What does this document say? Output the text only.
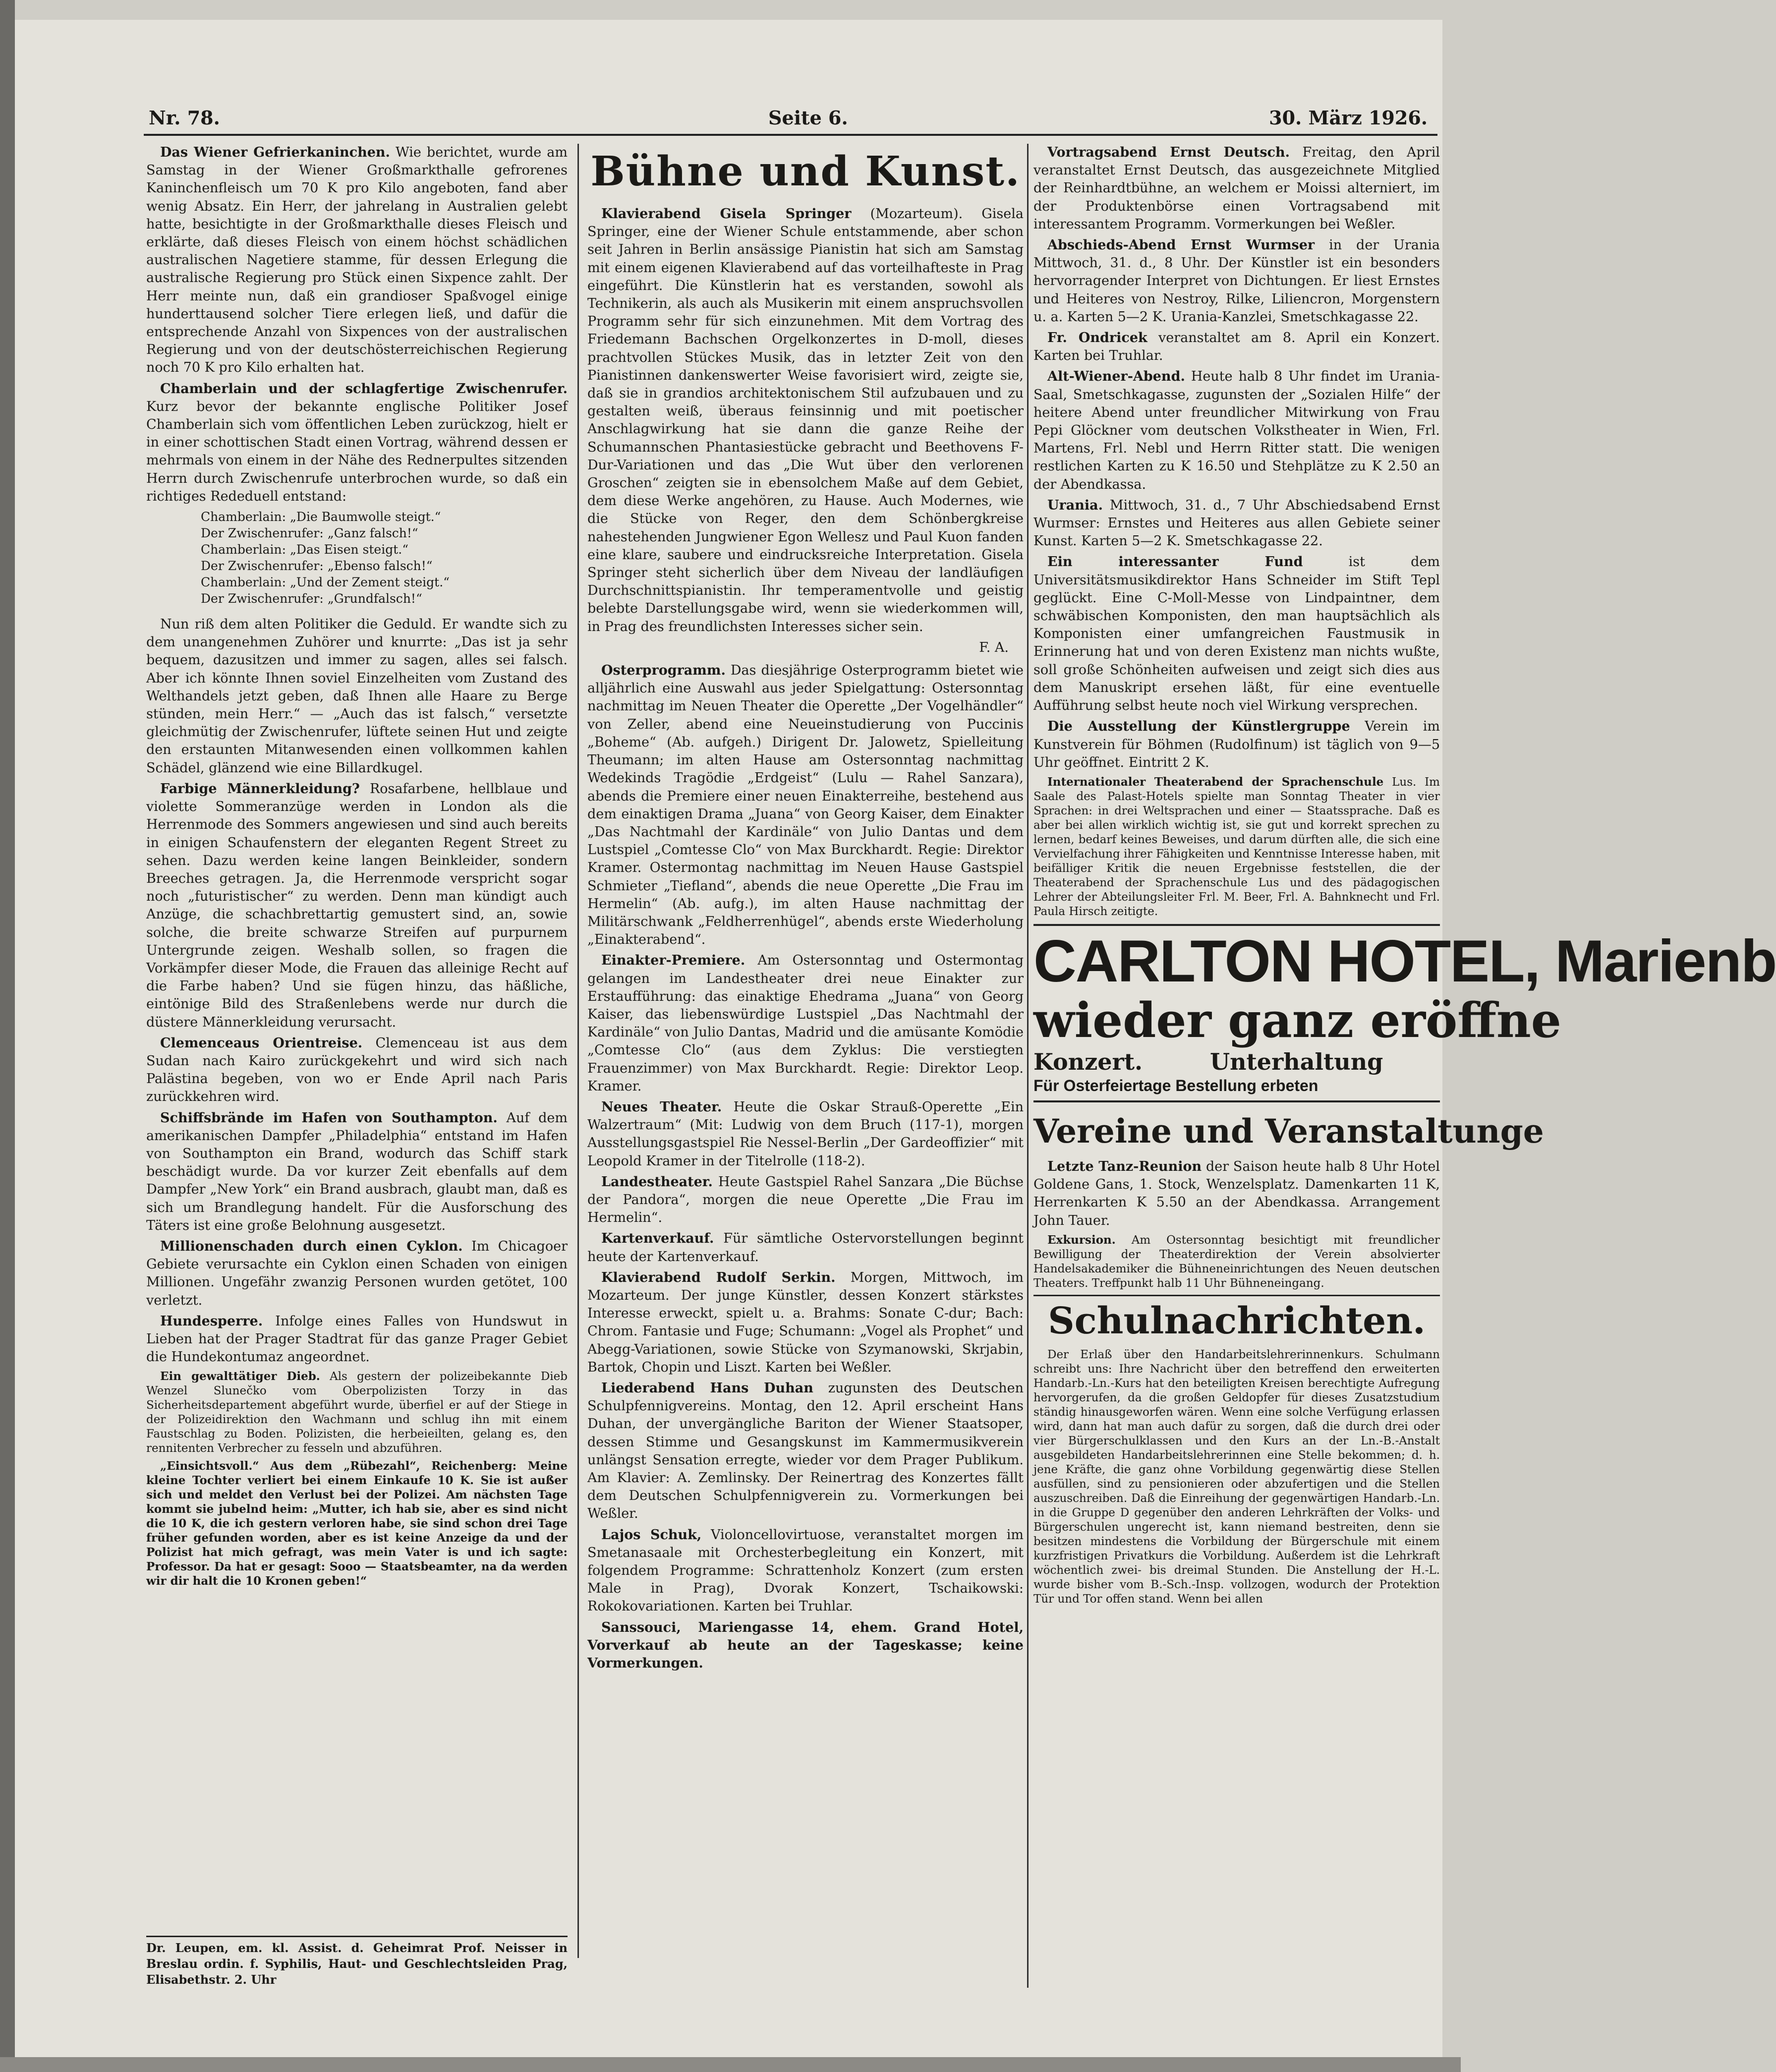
Nr. 78.	Seite 6.	30. März 1926.

Das Wiener Gefrierkaninchen. Wie berichtet, wurde am Samstag in der Wiener Großmarkthalle gefrorenes Kaninchenfleisch um 70 K pro Kilo angeboten, fand aber wenig Absatz. Ein Herr, der jahrelang in Australien gelebt hatte, besichtigte in der Großmarkthalle dieses Fleisch und erklärte, daß dieses Fleisch von einem höchst schädlichen australischen Nagetiere stamme, für dessen Erlegung die australische Regierung pro Stück einen Sixpence zahlt. Der Herr meinte nun, daß ein grandioser Spaßvogel einige hunderttausend solcher Tiere erlegen ließ, und dafür die entsprechende Anzahl von Sixpences von der australischen Regierung und von der deutschösterreichischen Regierung noch 70 K pro Kilo erhalten hat.

Chamberlain und der schlagfertige Zwischenrufer. Kurz bevor der bekannte englische Politiker Josef Chamberlain sich vom öffentlichen Leben zurückzog, hielt er in einer schottischen Stadt einen Vortrag, während dessen er mehrmals von einem in der Nähe des Rednerpultes sitzenden Herrn durch Zwischenrufe unterbrochen wurde, so daß ein richtiges Rededuell entstand:

Chamberlain: „Die Baumwolle steigt.“

Der Zwischenrufer: „Ganz falsch!“

Chamberlain: „Das Eisen steigt.“

Der Zwischenrufer: „Ebenso falsch!“

Chamberlain: „Und der Zement steigt.“

Der Zwischenrufer: „Grundfalsch!“

Nun riß dem alten Politiker die Geduld. Er wandte sich zu dem unangenehmen Zuhörer und knurrte: „Das ist ja sehr bequem, dazusitzen und immer zu sagen, alles sei falsch. Aber ich könnte Ihnen soviel Einzelheiten vom Zustand des Welthandels jetzt geben, daß Ihnen alle Haare zu Berge stünden, mein Herr.“ — „Auch das ist falsch,“ versetzte gleichmütig der Zwischenrufer, lüftete seinen Hut und zeigte den erstaunten Mitanwesenden einen vollkommen kahlen Schädel, glänzend wie eine Billardkugel.

Farbige Männerkleidung? Rosafarbene, hellblaue und violette Sommeranzüge werden in London als die Herrenmode des Sommers angewiesen und sind auch bereits in einigen Schaufenstern der eleganten Regent Street zu sehen. Dazu werden keine langen Beinkleider, sondern Breeches getragen. Ja, die Herrenmode verspricht sogar noch „futuristischer“ zu werden. Denn man kündigt auch Anzüge, die schachbrettartig gemustert sind, an, sowie solche, die breite schwarze Streifen auf purpurnem Untergrunde zeigen. Weshalb sollen, so fragen die Vorkämpfer dieser Mode, die Frauen das alleinige Recht auf die Farbe haben? Und sie fügen hinzu, das häßliche, eintönige Bild des Straßenlebens werde nur durch die düstere Männerkleidung verursacht.

Clemenceaus Orientreise. Clemenceau ist aus dem Sudan nach Kairo zurückgekehrt und wird sich nach Palästina begeben, von wo er Ende April nach Paris zurückkehren wird.

Schiffsbrände im Hafen von Southampton. Auf dem amerikanischen Dampfer „Philadelphia“ entstand im Hafen von Southampton ein Brand, wodurch das Schiff stark beschädigt wurde. Da vor kurzer Zeit ebenfalls auf dem Dampfer „New York“ ein Brand ausbrach, glaubt man, daß es sich um Brandlegung handelt. Für die Ausforschung des Täters ist eine große Belohnung ausgesetzt.

Millionenschaden durch einen Cyklon. Im Chicagoer Gebiete verursachte ein Cyklon einen Schaden von einigen Millionen. Ungefähr zwanzig Personen wurden getötet, 100 verletzt.

Hundesperre. Infolge eines Falles von Hundswut in Lieben hat der Prager Stadtrat für das ganze Prager Gebiet die Hundekontumaz angeordnet.

Ein gewalttätiger Dieb. Als gestern der polizeibekannte Dieb Wenzel Slunečko vom Oberpolizisten Torzy in das Sicherheitsdepartement abgeführt wurde, überfiel er auf der Stiege in der Polizeidirektion den Wachmann und schlug ihn mit einem Faustschlag zu Boden. Polizisten, die herbeieilten, gelang es, den rennitenten Verbrecher zu fesseln und abzuführen.

„Einsichtsvoll.“ Aus dem „Rübezahl“, Reichenberg: Meine kleine Tochter verliert bei einem Einkaufe 10 K. Sie ist außer sich und meldet den Verlust bei der Polizei. Am nächsten Tage kommt sie jubelnd heim: „Mutter, ich hab sie, aber es sind nicht die 10 K, die ich gestern verloren habe, sie sind schon drei Tage früher gefunden worden, aber es ist keine Anzeige da und der Polizist hat mich gefragt, was mein Vater is und ich sagte: Professor. Da hat er gesagt: Sooo — Staatsbeamter, na da werden wir dir halt die 10 Kronen geben!“

Dr. Leupen, em. kl. Assist. d. Geheimrat Prof. Neisser in Breslau ordin. f. Syphilis, Haut- und Geschlechtsleiden Prag, Elisabethstr. 2. Uhr
Bühne und Kunst.

Klavierabend Gisela Springer (Mozarteum). Gisela Springer, eine der Wiener Schule entstammende, aber schon seit Jahren in Berlin ansässige Pianistin hat sich am Samstag mit einem eigenen Klavierabend auf das vorteilhafteste in Prag eingeführt. Die Künstlerin hat es verstanden, sowohl als Technikerin, als auch als Musikerin mit einem anspruchsvollen Programm sehr für sich einzunehmen. Mit dem Vortrag des Friedemann Bachschen Orgelkonzertes in D-moll, dieses prachtvollen Stückes Musik, das in letzter Zeit von den Pianistinnen dankenswerter Weise favorisiert wird, zeigte sie, daß sie in grandios architektonischem Stil aufzubauen und zu gestalten weiß, überaus feinsinnig und mit poetischer Anschlagwirkung hat sie dann die ganze Reihe der Schumannschen Phantasiestücke gebracht und Beethovens F-Dur-Variationen und das „Die Wut über den verlorenen Groschen“ zeigten sie in ebensolchem Maße auf dem Gebiet, dem diese Werke angehören, zu Hause. Auch Modernes, wie die Stücke von Reger, den dem Schönbergkreise nahestehenden Jungwiener Egon Wellesz und Paul Kuon fanden eine klare, saubere und eindrucksreiche Interpretation. Gisela Springer steht sicherlich über dem Niveau der landläufigen Durchschnittspianistin. Ihr temperamentvolle und geistig belebte Darstellungsgabe wird, wenn sie wiederkommen will, in Prag des freundlichsten Interesses sicher sein.

F. A.

Osterprogramm. Das diesjährige Osterprogramm bietet wie alljährlich eine Auswahl aus jeder Spielgattung: Ostersonntag nachmittag im Neuen Theater die Operette „Der Vogelhändler“ von Zeller, abend eine Neueinstudierung von Puccinis „Boheme“ (Ab. aufgeh.) Dirigent Dr. Jalowetz, Spielleitung Theumann; im alten Hause am Ostersonntag nachmittag Wedekinds Tragödie „Erdgeist“ (Lulu — Rahel Sanzara), abends die Premiere einer neuen Einakterreihe, bestehend aus dem einaktigen Drama „Juana“ von Georg Kaiser, dem Einakter „Das Nachtmahl der Kardinäle“ von Julio Dantas und dem Lustspiel „Comtesse Clo“ von Max Burckhardt. Regie: Direktor Kramer. Ostermontag nachmittag im Neuen Hause Gastspiel Schmieter „Tiefland“, abends die neue Operette „Die Frau im Hermelin“ (Ab. aufg.), im alten Hause nachmittag der Militärschwank „Feldherrenhügel“, abends erste Wiederholung „Einakterabend“.

Einakter-Premiere. Am Ostersonntag und Ostermontag gelangen im Landestheater drei neue Einakter zur Erstaufführung: das einaktige Ehedrama „Juana“ von Georg Kaiser, das liebenswürdige Lustspiel „Das Nachtmahl der Kardinäle“ von Julio Dantas, Madrid und die amüsante Komödie „Comtesse Clo“ (aus dem Zyklus: Die verstiegten Frauenzimmer) von Max Burckhardt. Regie: Direktor Leop. Kramer.

Neues Theater. Heute die Oskar Strauß-Operette „Ein Walzertraum“ (Mit: Ludwig von dem Bruch (117-1), morgen Ausstellungsgastspiel Rie Nessel-Berlin „Der Gardeoffizier“ mit Leopold Kramer in der Titelrolle (118-2).

Landestheater. Heute Gastspiel Rahel Sanzara „Die Büchse der Pandora“, morgen die neue Operette „Die Frau im Hermelin“.

Kartenverkauf. Für sämtliche Ostervorstellungen beginnt heute der Kartenverkauf.

Klavierabend Rudolf Serkin. Morgen, Mittwoch, im Mozarteum. Der junge Künstler, dessen Konzert stärkstes Interesse erweckt, spielt u. a. Brahms: Sonate C-dur; Bach: Chrom. Fantasie und Fuge; Schumann: „Vogel als Prophet“ und Abegg-Variationen, sowie Stücke von Szymanowski, Skrjabin, Bartok, Chopin und Liszt. Karten bei Weßler.

Liederabend Hans Duhan zugunsten des Deutschen Schulpfennigvereins. Montag, den 12. April erscheint Hans Duhan, der unvergängliche Bariton der Wiener Staatsoper, dessen Stimme und Gesangskunst im Kammermusikverein unlängst Sensation erregte, wieder vor dem Prager Publikum. Am Klavier: A. Zemlinsky. Der Reinertrag des Konzertes fällt dem Deutschen Schulpfennigverein zu. Vormerkungen bei Weßler.

Lajos Schuk, Violoncellovirtuose, veranstaltet morgen im Smetanasaale mit Orchesterbegleitung ein Konzert, mit folgendem Programme: Schrattenholz Konzert (zum ersten Male in Prag), Dvorak Konzert, Tschaikowski: Rokokovariationen. Karten bei Truhlar.

Sanssouci, Mariengasse 14, ehem. Grand Hotel, Vorverkauf ab heute an der Tageskasse; keine Vormerkungen.

Vortragsabend Ernst Deutsch. Freitag, den April veranstaltet Ernst Deutsch, das ausgezeichnete Mitglied der Reinhardtbühne, an welchem er Moissi alterniert, im der Produktenbörse einen Vortragsabend mit interessantem Programm. Vormerkungen bei Weßler.

Abschieds-Abend Ernst Wurmser in der Urania Mittwoch, 31. d., 8 Uhr. Der Künstler ist ein besonders hervorragender Interpret von Dichtungen. Er liest Ernstes und Heiteres von Nestroy, Rilke, Liliencron, Morgenstern u. a. Karten 5—2 K. Urania-Kanzlei, Smetschkagasse 22.

Fr. Ondricek veranstaltet am 8. April ein Konzert. Karten bei Truhlar.

Alt-Wiener-Abend. Heute halb 8 Uhr findet im Urania-Saal, Smetschkagasse, zugunsten der „Sozialen Hilfe“ der heitere Abend unter freundlicher Mitwirkung von Frau Pepi Glöckner vom deutschen Volkstheater in Wien, Frl. Martens, Frl. Nebl und Herrn Ritter statt. Die wenigen restlichen Karten zu K 16.50 und Stehplätze zu K 2.50 an der Abendkassa.

Urania. Mittwoch, 31. d., 7 Uhr Abschiedsabend Ernst Wurmser: Ernstes und Heiteres aus allen Gebiete seiner Kunst. Karten 5—2 K. Smetschkagasse 22.

Ein interessanter Fund	ist dem Universitätsmusikdirektor Hans Schneider im Stift Tepl geglückt. Eine C-Moll-Messe von Lindpaintner, dem schwäbischen Komponisten, den man hauptsächlich als Komponisten einer umfangreichen Faustmusik in Erinnerung hat und von deren Existenz man nichts wußte, soll große Schönheiten aufweisen und zeigt sich dies aus dem Manuskript ersehen läßt, für eine eventuelle Aufführung selbst heute noch viel Wirkung versprechen.

Die Ausstellung der Künstlergruppe Verein im Kunstverein für Böhmen (Rudolfinum) ist täglich von 9—5 Uhr geöffnet. Eintritt 2 K.

Internationaler Theaterabend der Sprachenschule Lus. Im Saale des Palast-Hotels spielte man Sonntag Theater in vier Sprachen: in drei Weltsprachen und einer — Staatssprache. Daß es aber bei allen wirklich wichtig ist, sie gut und korrekt sprechen zu lernen, bedarf keines Beweises, und darum dürften alle, die sich eine Vervielfachung ihrer Fähigkeiten und Kenntnisse Interesse haben, mit beifälliger Kritik die neuen Ergebnisse feststellen, die der Theaterabend der Sprachenschule Lus und des pädagogischen Lehrer der Abteilungsleiter Frl. M. Beer, Frl. A. Bahnknecht und Frl. Paula Hirsch zeitigte.

CARLTON HOTEL, Marienb
wieder ganz eröffne
Konzert.	Unterhaltung
Für Osterfeiertage Bestellung erbeten
Vereine und Veranstaltunge

Letzte Tanz-Reunion der Saison heute halb 8 Uhr Hotel Goldene Gans, 1. Stock, Wenzelsplatz. Damenkarten 11 K, Herrenkarten K 5.50 an der Abendkassa. Arrangement John Tauer.

Exkursion. Am Ostersonntag besichtigt mit freundlicher Bewilligung der Theaterdirektion der Verein absolvierter Handelsakademiker die Bühneneinrichtungen des Neuen deutschen Theaters. Treffpunkt halb 11 Uhr Bühneneingang.

Schulnachrichten.

Der Erlaß über den Handarbeitslehrerinnenkurs. Schulmann schreibt uns: Ihre Nachricht über den betreffend den erweiterten Handarb.-Ln.-Kurs hat den beteiligten Kreisen berechtigte Aufregung hervorgerufen, da die großen Geldopfer für dieses Zusatzstudium ständig hinausgeworfen wären. Wenn eine solche Verfügung erlassen wird, dann hat man auch dafür zu sorgen, daß die durch drei oder vier Bürgerschulklassen und den Kurs an der Ln.-B.-Anstalt ausgebildeten Handarbeitslehrerinnen eine Stelle bekommen; d. h. jene Kräfte, die ganz ohne Vorbildung gegenwärtig diese Stellen ausfüllen, sind zu pensionieren oder abzufertigen und die Stellen auszuschreiben. Daß die Einreihung der gegenwärtigen Handarb.-Ln. in die Gruppe D gegenüber den anderen Lehrkräften der Volks- und Bürgerschulen ungerecht ist, kann niemand bestreiten, denn sie besitzen mindestens die Vorbildung der Bürgerschule mit einem kurzfristigen Privatkurs die Vorbildung. Außerdem ist die Lehrkraft wöchentlich zwei- bis dreimal Stunden. Die Anstellung der H.-L. wurde bisher vom B.-Sch.-Insp. vollzogen, wodurch der Protektion Tür und Tor offen stand. Wenn bei allen
